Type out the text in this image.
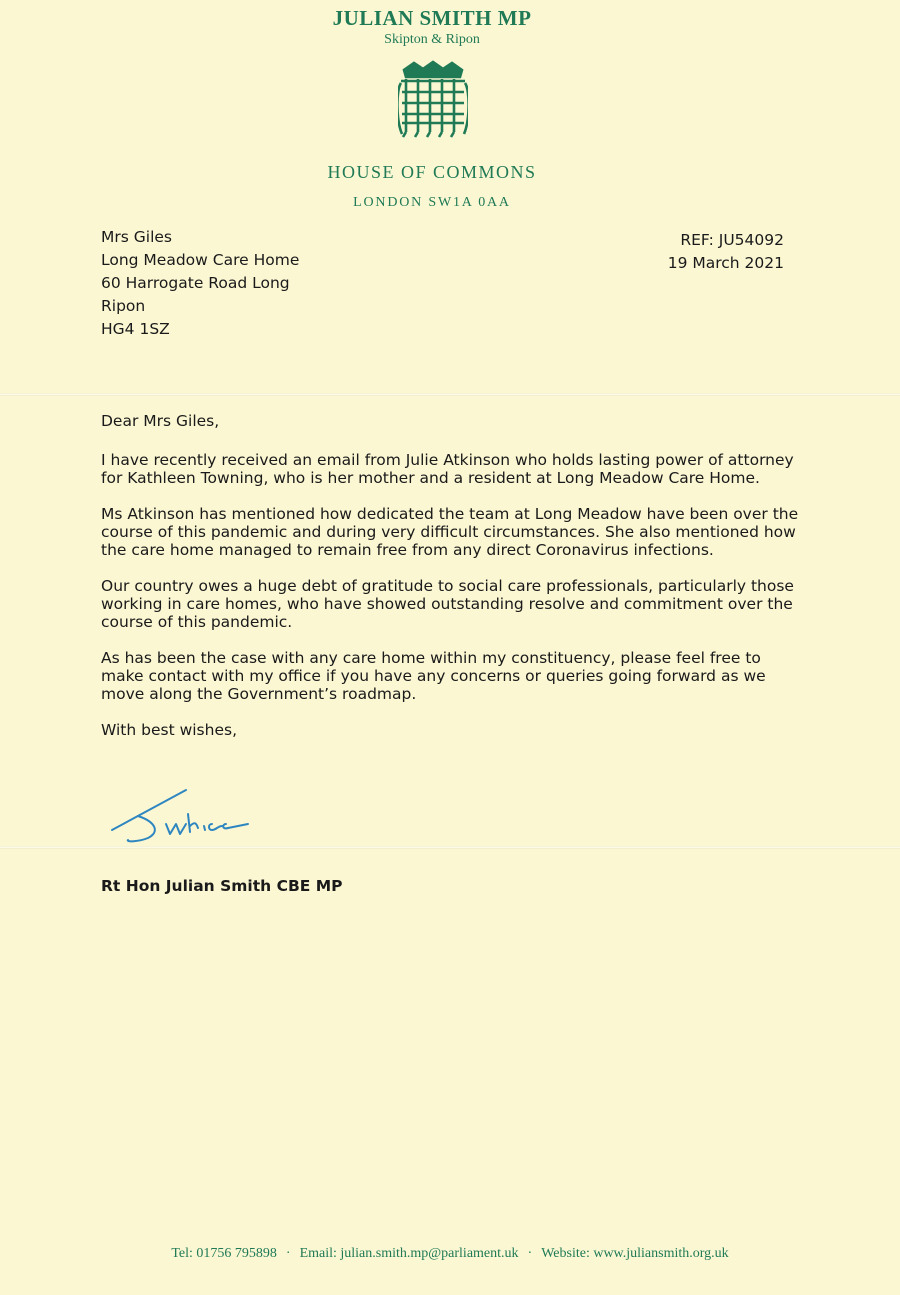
JULIAN SMITH MP
Skipton & Ripon
HOUSE OF COMMONS
LONDON SW1A 0AA
Mrs Giles
Long Meadow Care Home
60 Harrogate Road Long
Ripon
HG4 1SZ
REF: JU54092
19 March 2021

Dear Mrs Giles,

I have recently received an email from Julie Atkinson who holds lasting power of attorney for Kathleen Towning, who is her mother and a resident at Long Meadow Care Home.

Ms Atkinson has mentioned how dedicated the team at Long Meadow have been over the course of this pandemic and during very difficult circumstances. She also mentioned how the care home managed to remain free from any direct Coronavirus infections.

Our country owes a huge debt of gratitude to social care professionals, particularly those working in care homes, who have showed outstanding resolve and commitment over the course of this pandemic.

As has been the case with any care home within my constituency, please feel free to make contact with my office if you have any concerns or queries going forward as we move along the Government’s roadmap.

With best wishes,

Rt Hon Julian Smith CBE MP
Tel: 01756 795898 · Email: julian.smith.mp@parliament.uk · Website: www.juliansmith.org.uk
